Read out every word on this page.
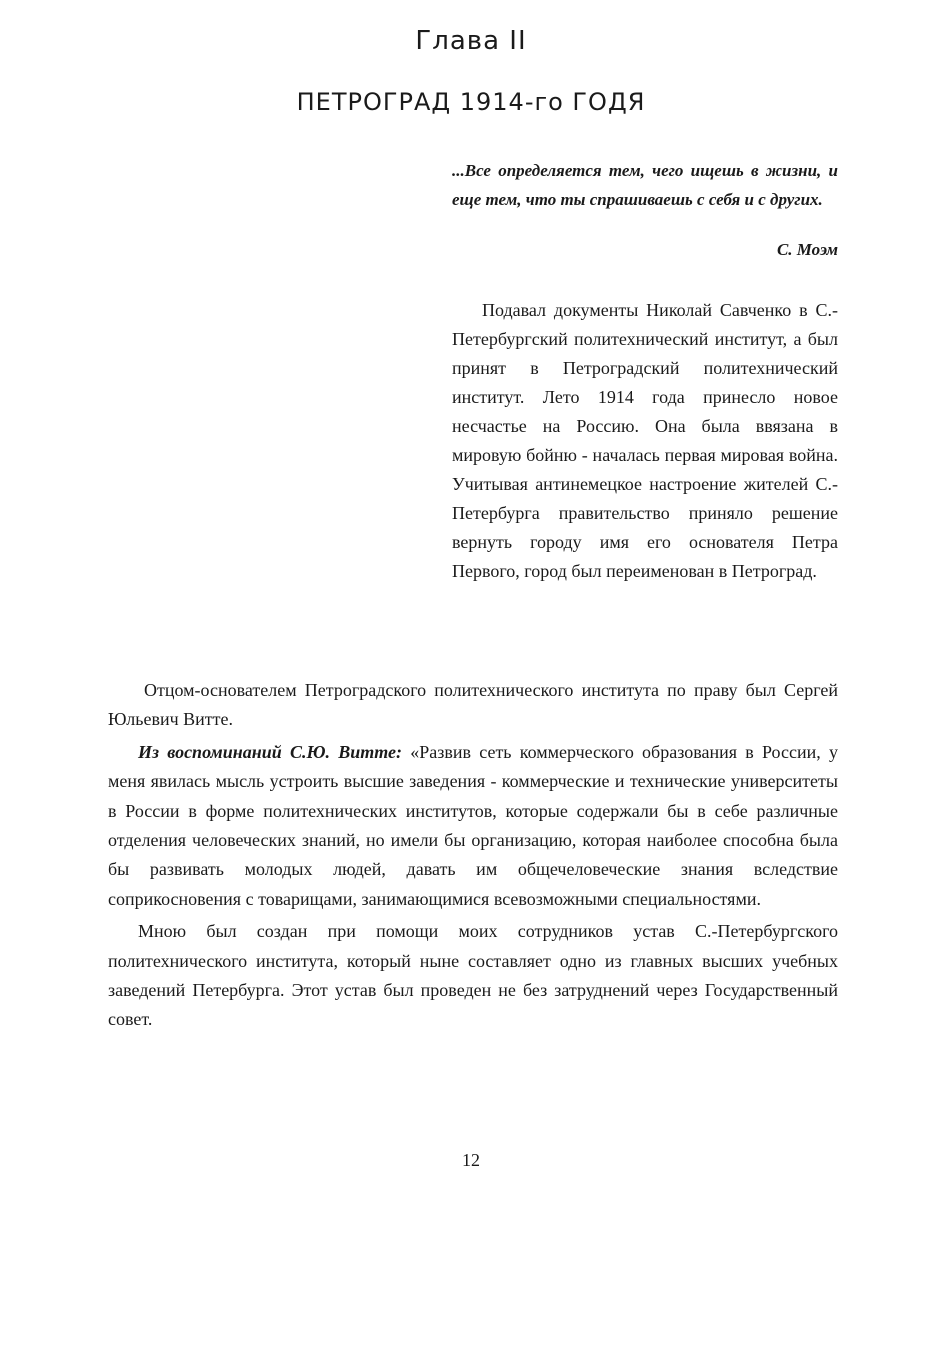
Глава II
ПЕТРОГРАД 1914-го ГОДЯ
...Все определяется тем, чего ищешь в жизни, и еще тем, что ты спрашиваешь с себя и с других.
С. Моэм

Подавал документы Николай Савченко в С.-Петербургский политехнический институт, а был принят в Петроградский политехнический институт. Лето 1914 года принесло новое несчастье на Россию. Она была ввязана в мировую бойню - началась первая мировая война. Учитывая антинемецкое настроение жителей С.-Петербурга правительство приняло решение вернуть городу имя его основателя Петра Первого, город был переименован в Петроград.

Отцом-основателем Петроградского политехнического института по праву был Сергей Юльевич Витте.

Из воспоминаний С.Ю. Витте: «Развив сеть коммерческого образования в России, у меня явилась мысль устроить высшие заведения - коммерческие и технические университеты в России в форме политехнических институтов, которые содержали бы в себе различные отделения человеческих знаний, но имели бы организацию, которая наиболее способна была бы развивать молодых людей, давать им общечеловеческие знания вследствие соприкосновения с товарищами, занимающимися всевозможными специальностями.

Мною был создан при помощи моих сотрудников устав С.-Петербургского политехнического института, который ныне составляет одно из главных высших учебных заведений Петербурга. Этот устав был проведен не без затруднений через Государственный совет.

12
